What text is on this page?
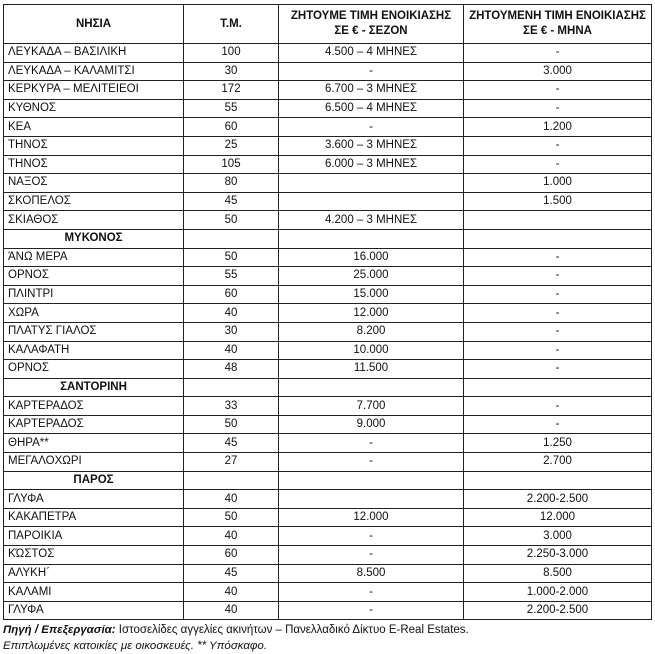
ΝΗΣΙΑ	Τ.Μ.	ΖΗΤΟΥΜΕ ΤΙΜΗ ΕΝΟΙΚΙΑΣΗΣ ΣΕ € - ΣΕΖΟΝ	ΖΗΤΟΥΜΕΝΗ ΤΙΜΗ ΕΝΟΙΚΙΑΣΗΣ ΣΕ € - ΜΗΝΑ
ΛΕΥΚΑΔΑ – ΒΑΣΙΛΙΚΗ	100	4.500 – 4 ΜΗΝΕΣ	-
ΛΕΥΚΑΔΑ – ΚΑΛΑΜΙΤΣΙ	30	-	3.000
ΚΕΡΚΥΡΑ – ΜΕΛΙΤΕΙΕΟΙ	172	6.700 – 3 ΜΗΝΕΣ	-
ΚΥΘΝΟΣ	55	6.500 – 4 ΜΗΝΕΣ	-
ΚΕΑ	60	-	1.200
ΤΗΝΟΣ	25	3.600 – 3 ΜΗΝΕΣ	-
ΤΗΝΟΣ	105	6.000 – 3 ΜΗΝΕΣ	-
ΝΑΞΟΣ	80		1.000
ΣΚΟΠΕΛΟΣ	45		1.500
ΣΚΙΑΘΟΣ	50	4.200 – 3 ΜΗΝΕΣ	
ΜΥΚΟΝΟΣ			
ΆΝΩ ΜΕΡΑ	50	16.000	-
ΟΡΝΟΣ	55	25.000	-
ΠΛΙΝΤΡΙ	60	15.000	-
ΧΩΡΑ	40	12.000	-
ΠΛΑΤΥΣ ΓΙΑΛΟΣ	30	8.200	-
ΚΑΛΑΦΑΤΗ	40	10.000	-
ΟΡΝΟΣ	48	11.500	-
ΣΑΝΤΟΡΙΝΗ			
ΚΑΡΤΕΡΑΔΟΣ	33	7.700	-
ΚΑΡΤΕΡΑΔΟΣ	50	9.000	-
ΘΗΡΑ**	45	-	1.250
ΜΕΓΑΛΟΧΩΡΙ	27	-	2.700
ΠΑΡΟΣ			
ΓΛΥΦΑ	40		2.200-2.500
ΚΑΚΑΠΕΤΡΑ	50	12.000	12.000
ΠΑΡΟΙΚΙΑ	40	-	3.000
ΚΏΣΤΟΣ	60	-	2.250-3.000
ΑΛΥΚΗ΄	45	8.500	8.500
ΚΑΛΑΜΙ	40	-	1.000-2.000
ΓΛΥΦΑ	40	-	2.200-2.500
Πηγή / Επεξεργασία: Ιστοσελίδες αγγελίες ακινήτων – Πανελλαδικό Δίκτυο E-Real Estates.
Επιπλωμένες κατοικίες με οικοσκευές. ** Υπόσκαφο.
